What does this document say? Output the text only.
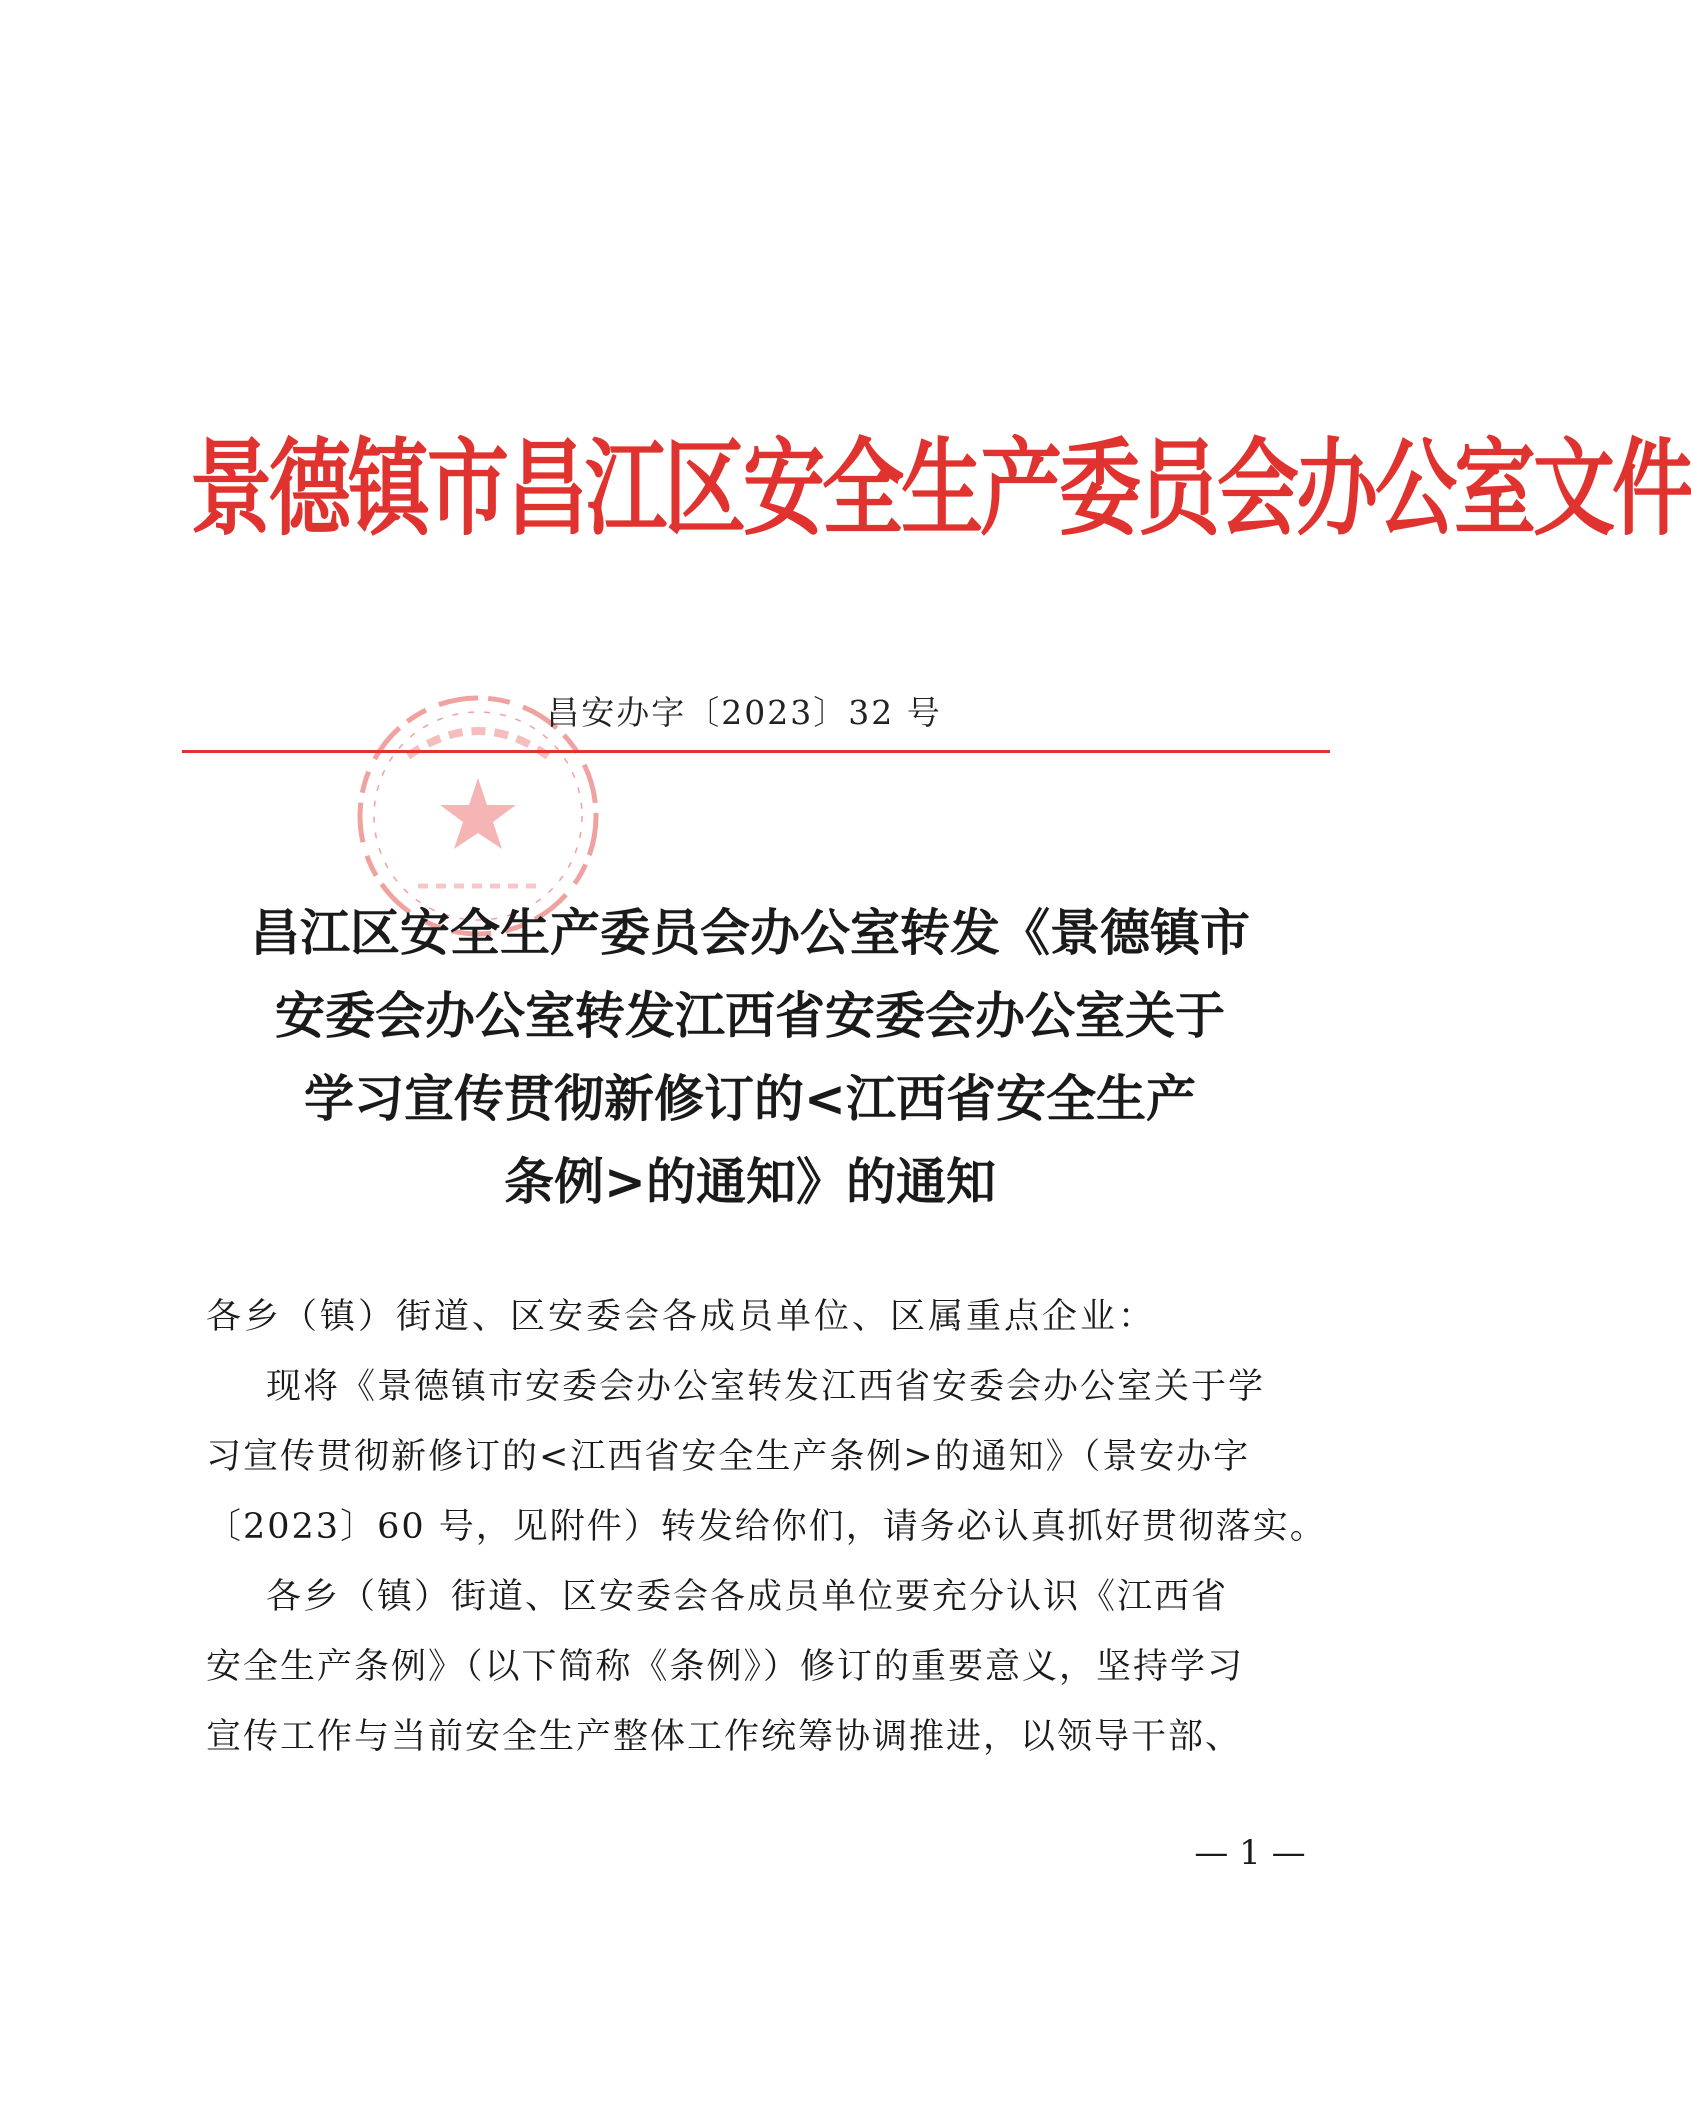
景德镇市昌江区安全生产委员会办公室文件
昌安办字〔2023〕32 号
昌江区安全生产委员会办公室转发《景德镇市
安委会办公室转发江西省安委会办公室关于
学习宣传贯彻新修订的<江西省安全生产
条例>的通知》的通知
各乡（镇）街道、区安委会各成员单位、区属重点企业：
现将《景德镇市安委会办公室转发江西省安委会办公室关于学
习宣传贯彻新修订的<江西省安全生产条例>的通知》（景安办字
〔2023〕60 号，见附件）转发给你们，请务必认真抓好贯彻落实。
各乡（镇）街道、区安委会各成员单位要充分认识《江西省
安全生产条例》（以下简称《条例》）修订的重要意义，坚持学习
宣传工作与当前安全生产整体工作统筹协调推进，以领导干部、
— 1 —
